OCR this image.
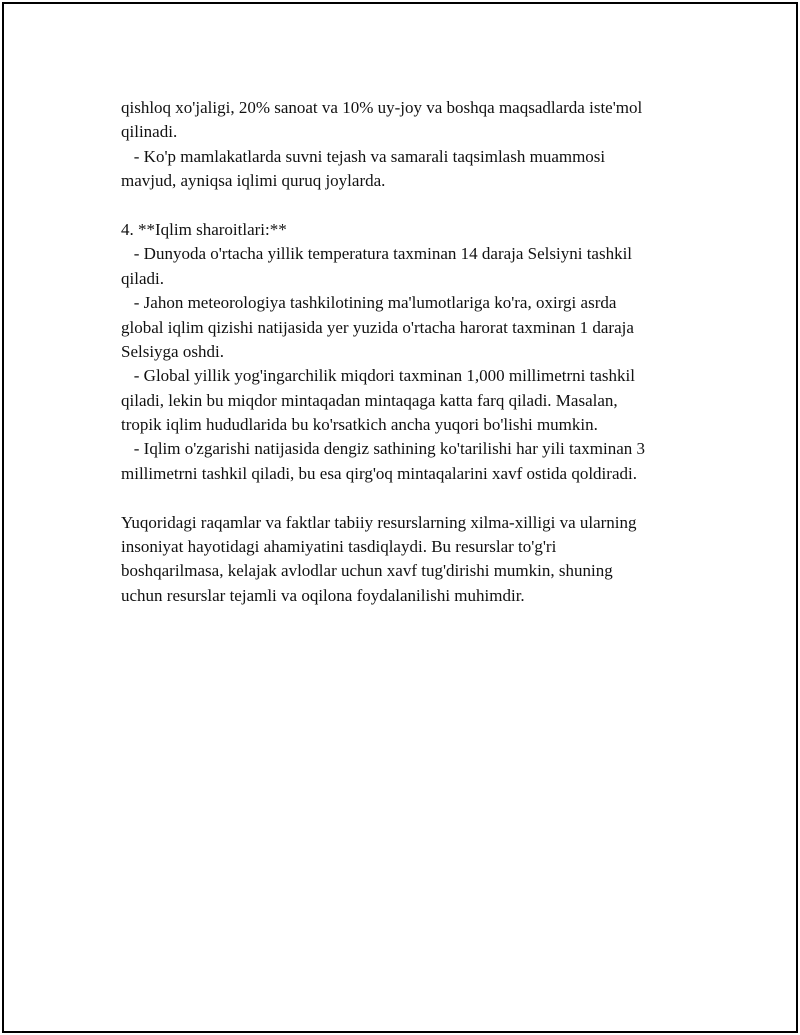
qishloq xo'jaligi, 20% sanoat va 10% uy-joy va boshqa maqsadlarda iste'mol
qilinadi.
- Ko'p mamlakatlarda suvni tejash va samarali taqsimlash muammosi
mavjud, ayniqsa iqlimi quruq joylarda.
4. **Iqlim sharoitlari:**
- Dunyoda o'rtacha yillik temperatura taxminan 14 daraja Selsiyni tashkil
qiladi.
- Jahon meteorologiya tashkilotining ma'lumotlariga ko'ra, oxirgi asrda
global iqlim qizishi natijasida yer yuzida o'rtacha harorat taxminan 1 daraja
Selsiyga oshdi.
- Global yillik yog'ingarchilik miqdori taxminan 1,000 millimetrni tashkil
qiladi, lekin bu miqdor mintaqadan mintaqaga katta farq qiladi. Masalan,
tropik iqlim hududlarida bu ko'rsatkich ancha yuqori bo'lishi mumkin.
- Iqlim o'zgarishi natijasida dengiz sathining ko'tarilishi har yili taxminan 3
millimetrni tashkil qiladi, bu esa qirg'oq mintaqalarini xavf ostida qoldiradi.
Yuqoridagi raqamlar va faktlar tabiiy resurslarning xilma-xilligi va ularning
insoniyat hayotidagi ahamiyatini tasdiqlaydi. Bu resurslar to'g'ri
boshqarilmasa, kelajak avlodlar uchun xavf tug'dirishi mumkin, shuning
uchun resurslar tejamli va oqilona foydalanilishi muhimdir.
